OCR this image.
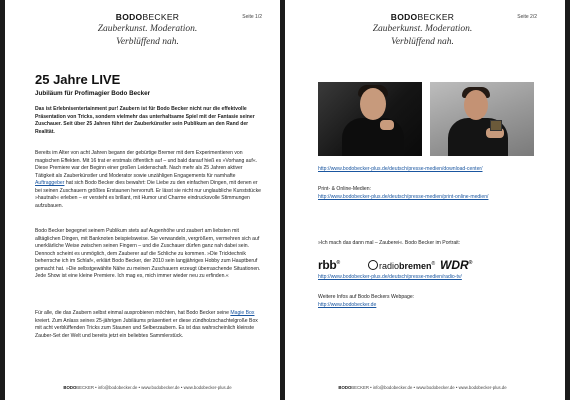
Seite 1/2
BODOBECKER
Zauberkunst. Moderation.
Verblüffend nah.
25 Jahre LIVE
Jubiläum für Profimagier Bodo Becker
Das ist Erlebnisentertainment pur! Zaubern ist für Bodo Becker nicht nur die effektvolle Präsentation von Tricks, sondern vielmehr das unterhaltsame Spiel mit der Fantasie seiner Zuschauer. Seit über 25 Jahren führt der Zauberkünstler sein Publikum an den Rand der Realität.
Bereits im Alter von acht Jahren begann der gebürtige Bremer mit dem Experimentieren von magischen Effekten. Mit 16 trat er erstmals öffentlich auf – und bald darauf hieß es »Vorhang auf«. Diese Premiere war der Beginn einer großen Leidenschaft. Nach mehr als 25 Jahren aktiver Tätigkeit als Zauberkünstler und Moderator sowie unzähligen Engagements für namhafte Auftraggeber hat sich Bodo Becker dies bewahrt: Die Liebe zu den einfachen Dingen, mit denen er bei seinen Zuschauern größtes Erstaunen hervorruft. Er lässt sie nicht nur unglaubliche Kunststücke »hautnah« erleben – er versteht es brillant, mit Humor und Charme eindrucksvolle Stimmungen aufzubauen.
Bodo Becker begegnet seinem Publikum stets auf Augenhöhe und zaubert am liebsten mit alltäglichen Dingen, mit Banknoten beispielsweise. Sie verwandeln, vergrößern, vermehren sich auf unerklärliche Weise zwischen seinen Fingern – und die Zuschauer dürfen ganz nah dabei sein. Dennoch scheint es unmöglich, dem Zauberer auf die Schliche zu kommen. »Die Tricktechnik beherrsche ich im Schlaf«, erklärt Bodo Becker, der 2010 sein langjähriges Hobby zum Hauptberuf gemacht hat. »Die selbstgewählte Nähe zu meinen Zuschauern erzeugt überraschende Situationen. Jede Show ist eine kleine Premiere. Ich mag es, mich immer wieder neu zu erfinden.«
Für alle, die das Zaubern selbst einmal ausprobieren möchten, hat Bodo Becker seine Magie Box kreiert. Zum Anlass seines 25-jährigen Jubiläums präsentiert er diese zündholzschachtelgroße Box mit acht verblüffenden Tricks zum Staunen und Selberzaubern. Es ist das wahrscheinlich kleinste Zauber-Set der Welt und bereits jetzt ein beliebtes Sammlerstück.
BODOBECKER • info@bodobecker.de • www.bodobecker.de • www.bodobecker-plus.de
Seite 2/2
BODOBECKER
Zauberkunst. Moderation.
Verblüffend nah.
http://www.bodobecker-plus.de/deutsch/presse-medien/download-center/
Print- & Online-Medien:
http://www.bodobecker-plus.de/deutsch/presse-medien/print-online-medien/
»Ich mach das dann mal – Zauberei«. Bodo Becker im Portrait:
rbb®	radiobremen® WDR®
http://www.bodobecker-plus.de/deutsch/presse-medien/radio-tv/
Weitere Infos auf Bodo Beckers Webpage:
http://www.bodobecker.de
BODOBECKER • info@bodobecker.de • www.bodobecker.de • www.bodobecker-plus.de
